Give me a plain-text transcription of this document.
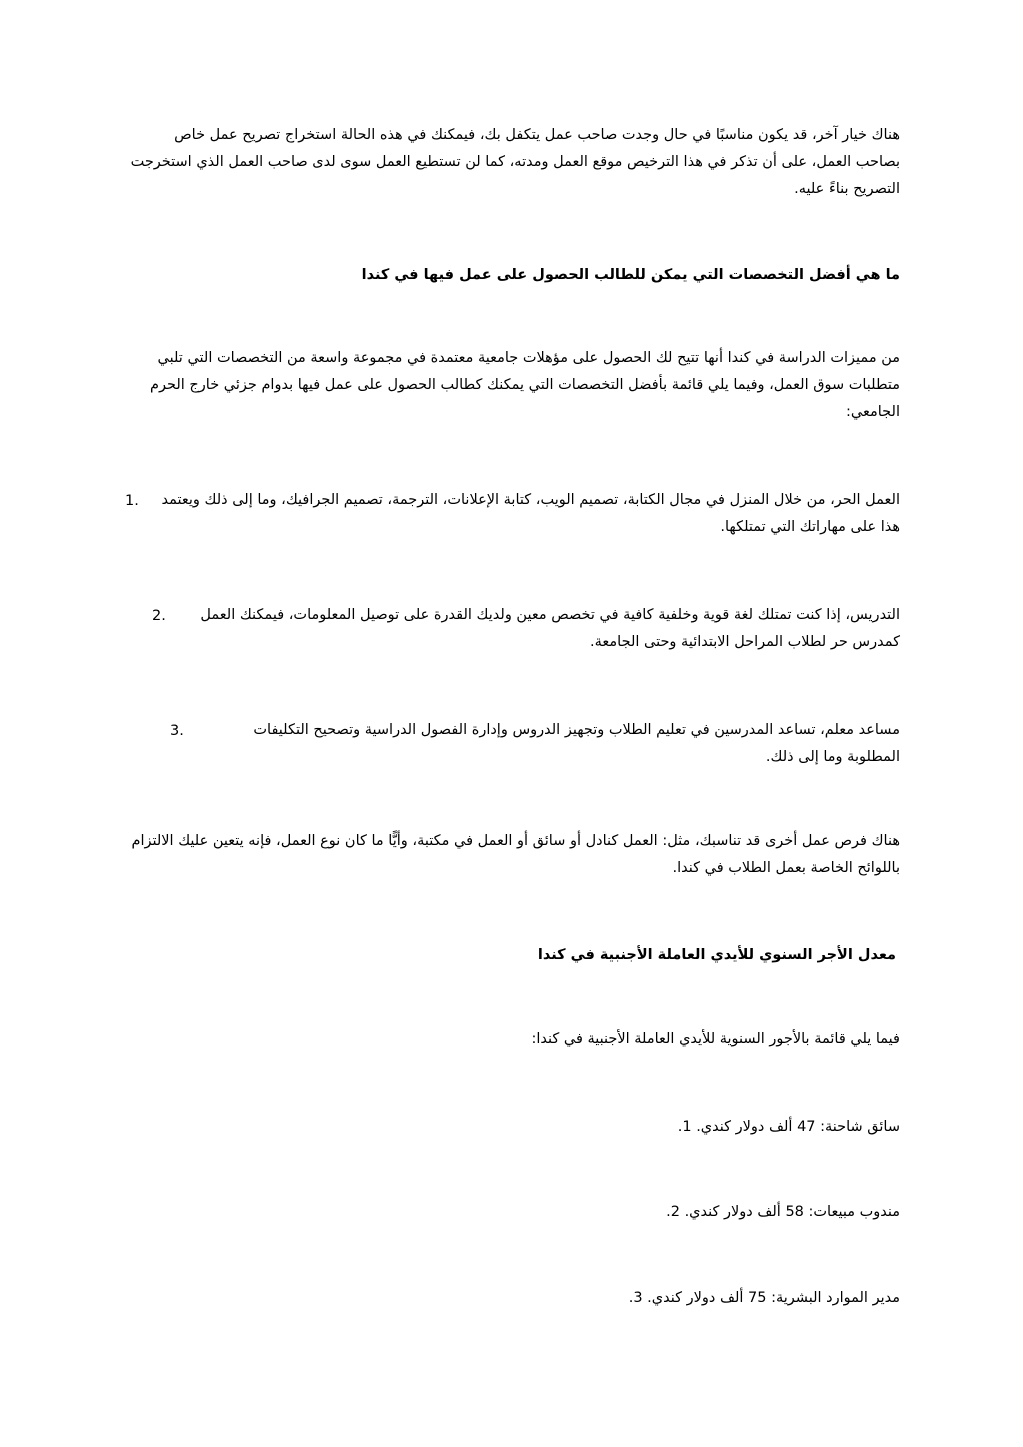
هناك خيار آخر، قد يكون مناسبًا في حال وجدت صاحب عمل يتكفل بك، فيمكنك في هذه الحالة استخراج تصريح عمل خاص بصاحب العمل، على أن تذكر في هذا الترخيص موقع العمل ومدته، كما لن تستطيع العمل سوى لدى صاحب العمل الذي استخرجت التصريح بناءً عليه.

ما هي أفضل التخصصات التي يمكن للطالب الحصول على عمل فيها في كندا

من مميزات الدراسة في كندا أنها تتيح لك الحصول على مؤهلات جامعية معتمدة في مجموعة واسعة من التخصصات التي تلبي متطلبات سوق العمل، وفيما يلي قائمة بأفضل التخصصات التي يمكنك كطالب الحصول على عمل فيها بدوام جزئي خارج الحرم الجامعي:

1. العمل الحر، من خلال المنزل في مجال الكتابة، تصميم الويب، كتابة الإعلانات، الترجمة، تصميم الجرافيك، وما إلى ذلك ويعتمد هذا على مهاراتك التي تمتلكها.

2.	التدريس، إذا كنت تمتلك لغة قوية وخلفية كافية في تخصص معين ولديك القدرة على توصيل المعلومات، فيمكنك العمل كمدرس حر لطلاب المراحل الابتدائية وحتى الجامعة.

3.	مساعد معلم، تساعد المدرسين في تعليم الطلاب وتجهيز الدروس وإدارة الفصول الدراسية وتصحيح التكليفات المطلوبة وما إلى ذلك.

هناك فرص عمل أخرى قد تناسبك، مثل: العمل كنادل أو سائق أو العمل في مكتبة، وأيًّا ما كان نوع العمل، فإنه يتعين عليك الالتزام باللوائح الخاصة بعمل الطلاب في كندا.

معدل الأجر السنوي للأيدي العاملة الأجنبية في كندا

فيما يلي قائمة بالأجور السنوية للأيدي العاملة الأجنبية في كندا:

سائق شاحنة: 47 ألف دولار كندي. 1.

مندوب مبيعات: 58 ألف دولار كندي. 2.

مدير الموارد البشرية: 75 ألف دولار كندي. 3.
